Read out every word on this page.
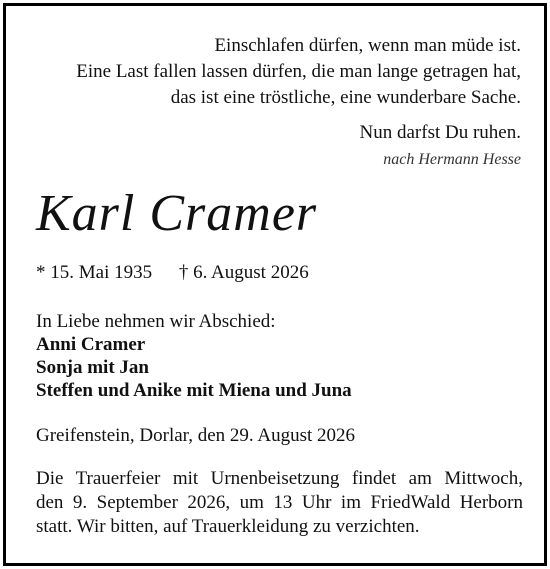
Einschlafen dürfen, wenn man müde ist.
Eine Last fallen lassen dürfen, die man lange getragen hat,
das ist eine tröstliche, eine wunderbare Sache.
Nun darfst Du ruhen.
nach Hermann Hesse
Karl Cramer
* 15. Mai 1935 † 6. August 2026
In Liebe nehmen wir Abschied:
Anni Cramer
Sonja mit Jan
Steffen und Anike mit Miena und Juna
Greifenstein, Dorlar, den 29. August 2026
Die Trauerfeier mit Urnenbeisetzung findet am Mittwoch,
den 9. September 2026, um 13 Uhr im FriedWald Herborn
statt. Wir bitten, auf Trauerkleidung zu verzichten.
